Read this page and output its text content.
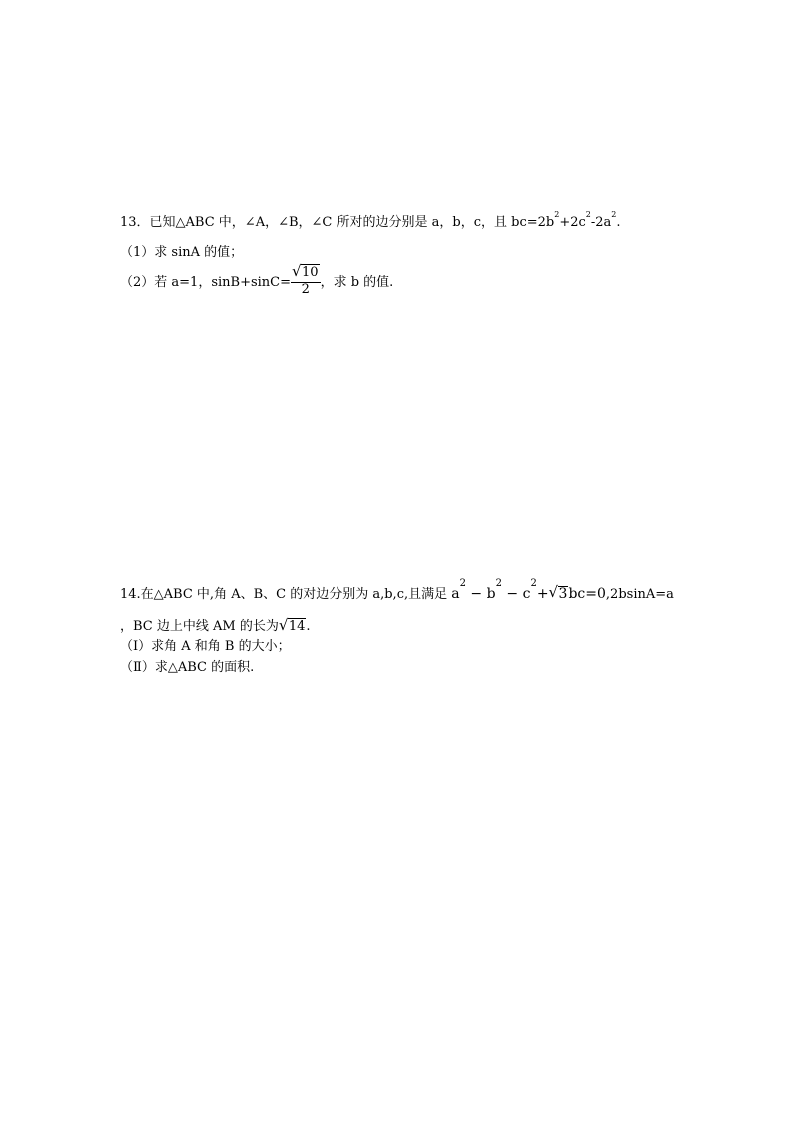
13．已知△ABC 中，∠A，∠B，∠C 所对的边分别是 a，b，c，且 $bc=2b^2+2c^2-2a^2$.
（1）求 sinA 的值；
（2）若 a=1，$\sin B+\sin C= \frac{√ 10}{2}$ ，求 b 的值.
14.在△ABC 中,角 A、B、C 的对边分别为 a,b,c,且满足 $a^2 - b^2 - c^2+$ √ 3bc=0,2bsinA=a
，BC 边上中线 AM 的长为 √ 14.
（Ⅰ）求角 A 和角 B 的大小；
（Ⅱ）求△ABC 的面积.
